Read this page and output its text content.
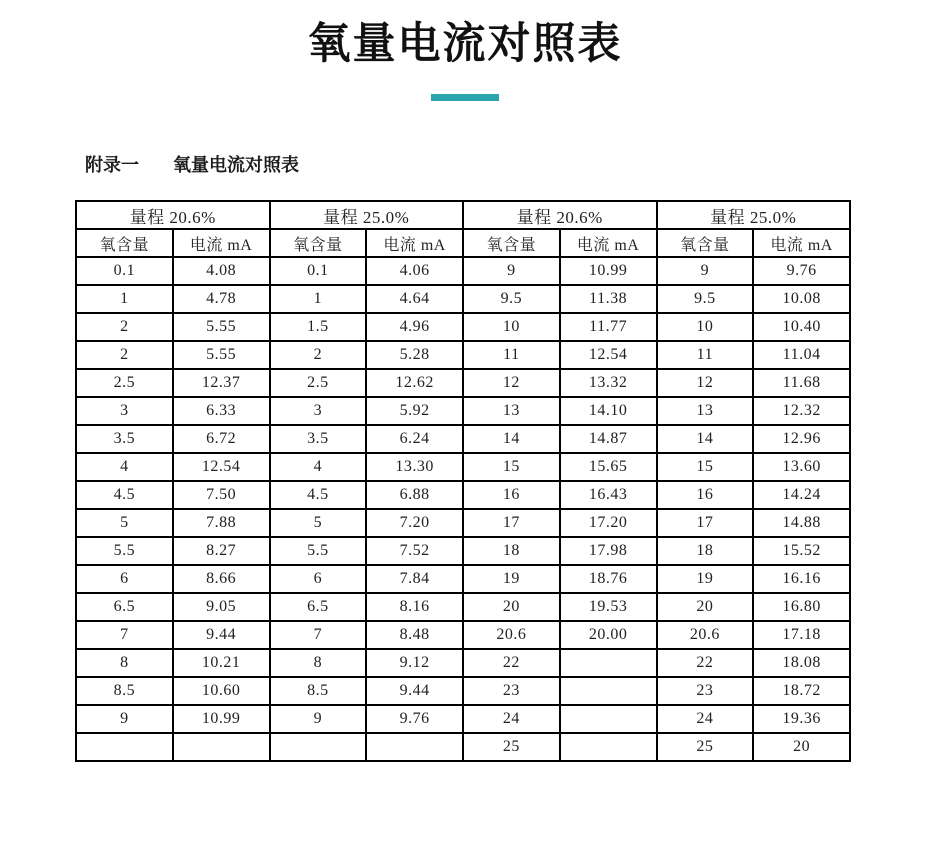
氧量电流对照表
附录一 氧量电流对照表
量程 20.6%		量程 25.0%		量程 20.6%		量程 25.0%	
氧含量	电流 mA	氧含量	电流 mA	氧含量	电流 mA	氧含量	电流 mA
0.1	4.08	0.1	4.06	9	10.99	9	9.76
1	4.78	1	4.64	9.5	11.38	9.5	10.08
2	5.55	1.5	4.96	10	11.77	10	10.40
2	5.55	2	5.28	11	12.54	11	11.04
2.5	12.37	2.5	12.62	12	13.32	12	11.68
3	6.33	3	5.92	13	14.10	13	12.32
3.5	6.72	3.5	6.24	14	14.87	14	12.96
4	12.54	4	13.30	15	15.65	15	13.60
4.5	7.50	4.5	6.88	16	16.43	16	14.24
5	7.88	5	7.20	17	17.20	17	14.88
5.5	8.27	5.5	7.52	18	17.98	18	15.52
6	8.66	6	7.84	19	18.76	19	16.16
6.5	9.05	6.5	8.16	20	19.53	20	16.80
7	9.44	7	8.48	20.6	20.00	20.6	17.18
8	10.21	8	9.12	22		22	18.08
8.5	10.60	8.5	9.44	23		23	18.72
9	10.99	9	9.76	24		24	19.36
				25		25	20
